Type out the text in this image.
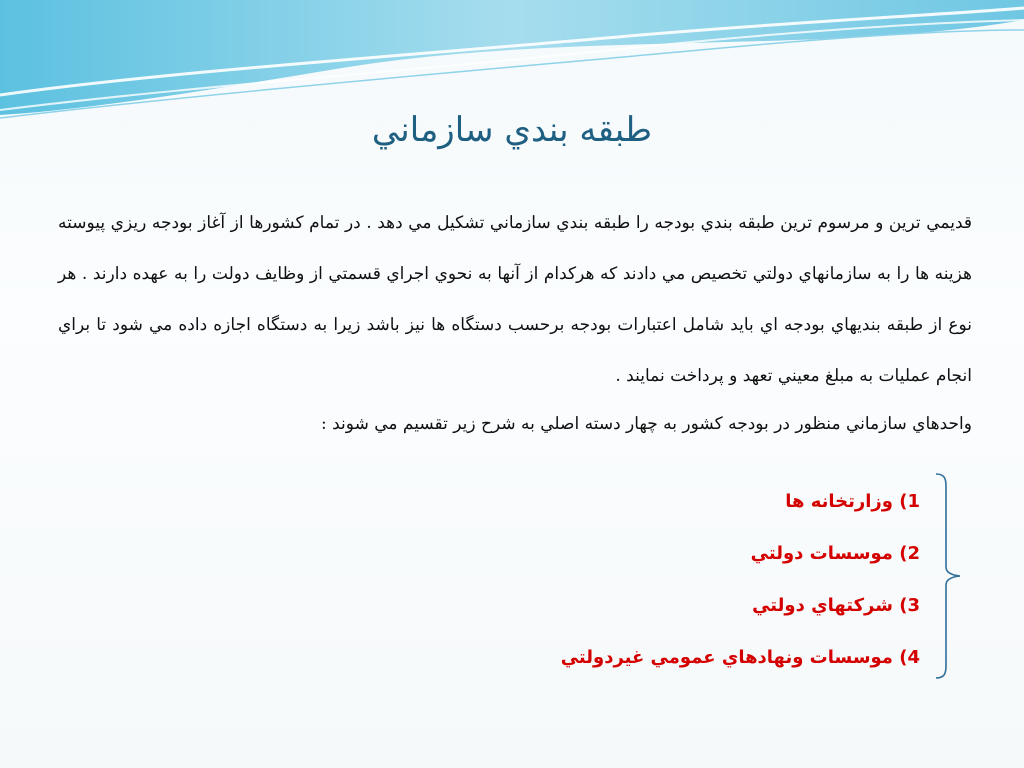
طبقه بندي سازماني

قديمي ترين و مرسوم ترين طبقه بندي بودجه را طبقه بندي سازماني تشكيل مي دهد . در تمام كشورها از آغاز بودجه ريزي پيوسته هزينه ها را به سازمانهاي دولتي تخصيص مي دادند كه هركدام از آنها به نحوي اجراي قسمتي از وظايف دولت را به عهده دارند . هر نوع از طبقه بنديهاي بودجه اي بايد شامل اعتبارات بودجه برحسب دستگاه ها نيز باشد زيرا به دستگاه اجازه داده مي شود تا براي انجام عمليات به مبلغ معيني تعهد و پرداخت نمايند .

واحدهاي سازماني منظور در بودجه كشور به چهار دسته اصلي به شرح زير تقسيم مي شوند :
1) وزارتخانه ها
2) موسسات دولتي
3) شركتهاي دولتي
4) موسسات ونهادهاي عمومي غيردولتي
